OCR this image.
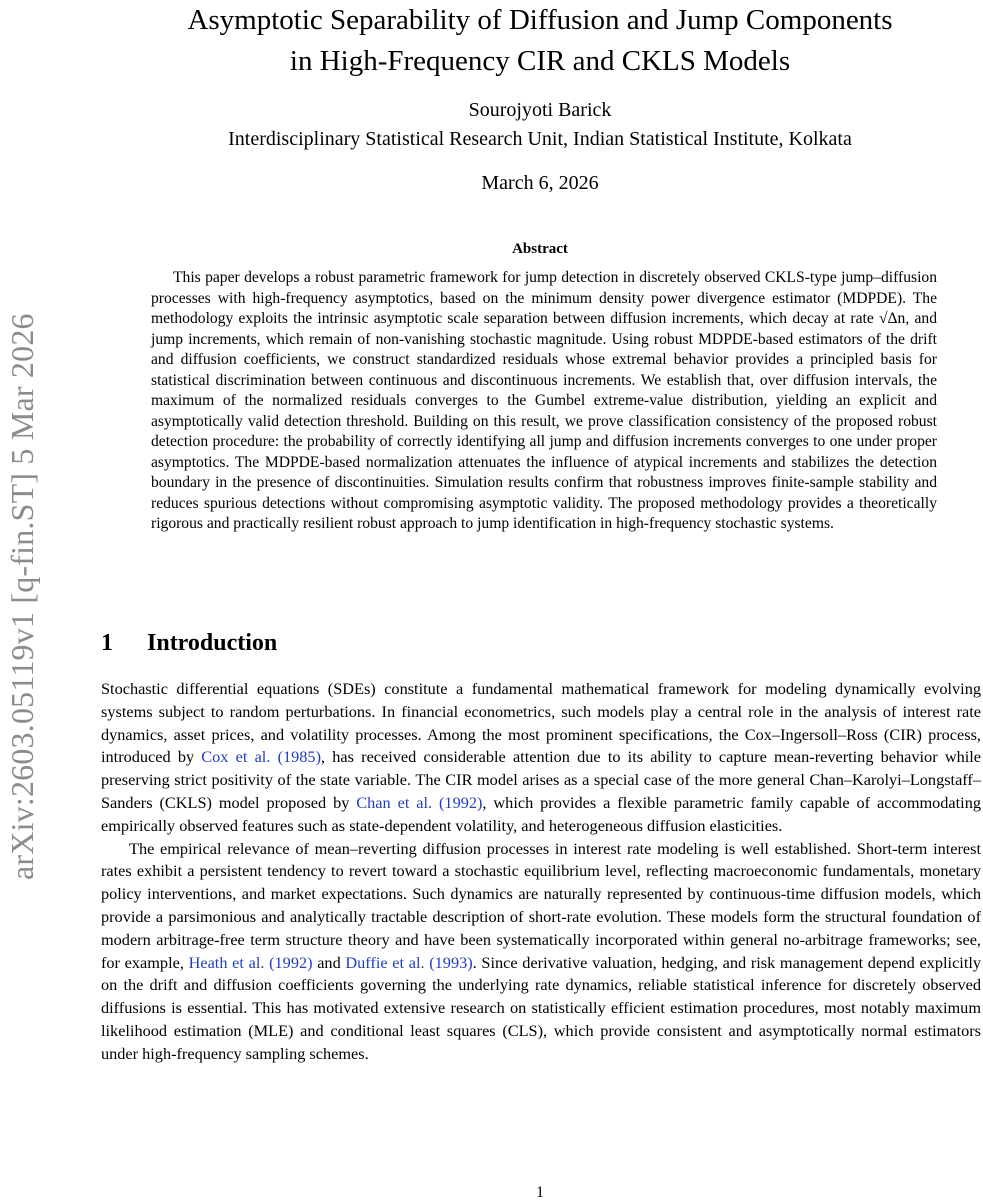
arXiv:2603.05119v1 [q-fin.ST] 5 Mar 2026
Asymptotic Separability of Diffusion and Jump Components
in High-Frequency CIR and CKLS Models
Sourojyoti Barick
Interdisciplinary Statistical Research Unit, Indian Statistical Institute, Kolkata
March 6, 2026
Abstract

This paper develops a robust parametric framework for jump detection in discretely observed CKLS-type jump–diffusion processes with high-frequency asymptotics, based on the minimum density power divergence estimator (MDPDE). The methodology exploits the intrinsic asymptotic scale separation between diffusion increments, which decay at rate √Δn, and jump increments, which remain of non-vanishing stochastic magnitude. Using robust MDPDE-based estimators of the drift and diffusion coefficients, we construct standardized residuals whose extremal behavior provides a principled basis for statistical discrimination between continuous and discontinuous increments. We establish that, over diffusion intervals, the maximum of the normalized residuals converges to the Gumbel extreme-value distribution, yielding an explicit and asymptotically valid detection threshold. Building on this result, we prove classification consistency of the proposed robust detection procedure: the probability of correctly identifying all jump and diffusion increments converges to one under proper asymptotics. The MDPDE-based normalization attenuates the influence of atypical increments and stabilizes the detection boundary in the presence of discontinuities. Simulation results confirm that robustness improves finite-sample stability and reduces spurious detections without compromising asymptotic validity. The proposed methodology provides a theoretically rigorous and practically resilient robust approach to jump identification in high-frequency stochastic systems.

1 Introduction

Stochastic differential equations (SDEs) constitute a fundamental mathematical framework for modeling dynamically evolving systems subject to random perturbations. In financial econometrics, such models play a central role in the analysis of interest rate dynamics, asset prices, and volatility processes. Among the most prominent specifications, the Cox–Ingersoll–Ross (CIR) process, introduced by Cox et al. (1985), has received considerable attention due to its ability to capture mean-reverting behavior while preserving strict positivity of the state variable. The CIR model arises as a special case of the more general Chan–Karolyi–Longstaff–Sanders (CKLS) model proposed by Chan et al. (1992), which provides a flexible parametric family capable of accommodating empirically observed features such as state-dependent volatility, and heterogeneous diffusion elasticities.

The empirical relevance of mean–reverting diffusion processes in interest rate modeling is well established. Short-term interest rates exhibit a persistent tendency to revert toward a stochastic equilibrium level, reflecting macroeconomic fundamentals, monetary policy interventions, and market expectations. Such dynamics are naturally represented by continuous-time diffusion models, which provide a parsimonious and analytically tractable description of short-rate evolution. These models form the structural foundation of modern arbitrage-free term structure theory and have been systematically incorporated within general no-arbitrage frameworks; see, for example, Heath et al. (1992) and Duffie et al. (1993). Since derivative valuation, hedging, and risk management depend explicitly on the drift and diffusion coefficients governing the underlying rate dynamics, reliable statistical inference for discretely observed diffusions is essential. This has motivated extensive research on statistically efficient estimation procedures, most notably maximum likelihood estimation (MLE) and conditional least squares (CLS), which provide consistent and asymptotically normal estimators under high-frequency sampling schemes.

1
